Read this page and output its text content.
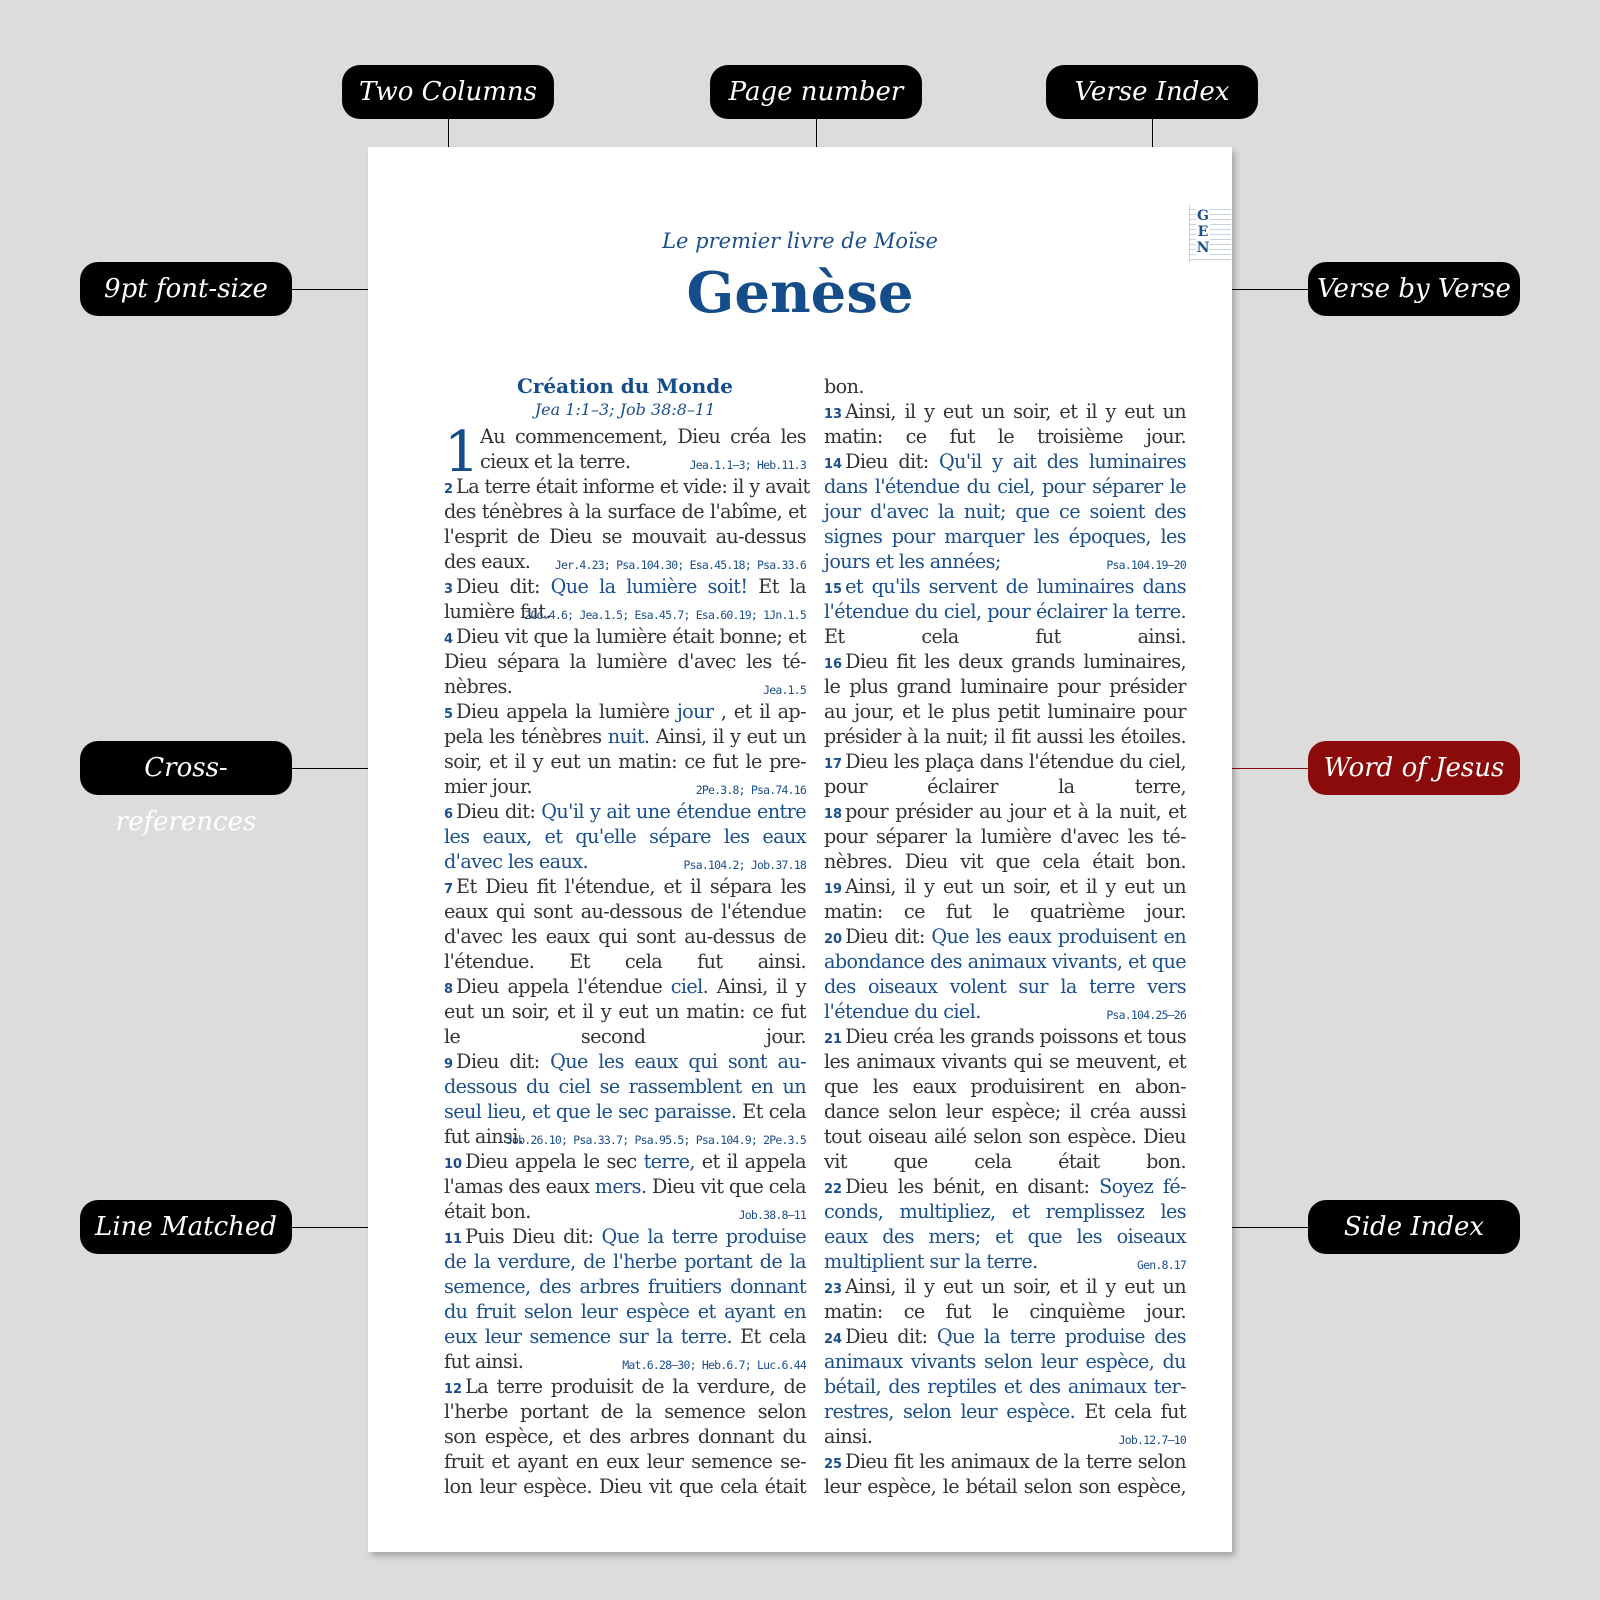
Two Columns	Page number	Verse Index
9pt font-size
Cross-references
Line Matched
Verse by Verse
Word of Jesus
Side Index
G
E
N
Le premier livre de Moïse
Genèse
Création du Monde
Jea 1:1–3; Job 38:8–11
1 Au commencement, Dieu créa les
cieux et la terre.	Jea.1.1–3; Heb.11.3
2 La terre était informe et vide: il y avait
des ténèbres à la surface de l'abîme, et
l'esprit de Dieu se mouvait au-dessus
des eaux. Jer.4.23; Psa.104.30; Esa.45.18; Psa.33.6
3 Dieu dit: Que la lumière soit! Et la
lumière fut.
2Co.4.6; Jea.1.5; Esa.45.7; Esa.60.19; 1Jn.1.5
4 Dieu vit que la lumière était bonne; et
Dieu sépara la lumière d'avec les té-
nèbres.	Jea.1.5
5 Dieu appela la lumière jour , et il ap-
pela les ténèbres nuit. Ainsi, il y eut un
soir, et il y eut un matin: ce fut le pre-
mier jour.	2Pe.3.8; Psa.74.16
6 Dieu dit: Qu'il y ait une étendue entre
les eaux, et qu'elle sépare les eaux
d'avec les eaux.	Psa.104.2; Job.37.18
7 Et Dieu fit l'étendue, et il sépara les
eaux qui sont au-dessous de l'étendue
d'avec les eaux qui sont au-dessus de
l'étendue. Et cela fut ainsi.
8 Dieu appela l'étendue ciel. Ainsi, il y
eut un soir, et il y eut un matin: ce fut
le second jour.
9 Dieu dit: Que les eaux qui sont au-
dessous du ciel se rassemblent en un
seul lieu, et que le sec paraisse. Et cela
fut ainsi.
Job.26.10; Psa.33.7; Psa.95.5; Psa.104.9; 2Pe.3.5
10 Dieu appela le sec terre, et il appela
l'amas des eaux mers. Dieu vit que cela
était bon.	Job.38.8–11
11 Puis Dieu dit: Que la terre produise
de la verdure, de l'herbe portant de la
semence, des arbres fruitiers donnant
du fruit selon leur espèce et ayant en
eux leur semence sur la terre. Et cela
fut ainsi.	Mat.6.28–30; Heb.6.7; Luc.6.44
12 La terre produisit de la verdure, de
l'herbe portant de la semence selon
son espèce, et des arbres donnant du
fruit et ayant en eux leur semence se-
lon leur espèce. Dieu vit que cela était
bon.
13 Ainsi, il y eut un soir, et il y eut un
matin: ce fut le troisième jour.
14 Dieu dit: Qu'il y ait des luminaires
dans l'étendue du ciel, pour séparer le
jour d'avec la nuit; que ce soient des
signes pour marquer les époques, les
jours et les années;	Psa.104.19–20
15 et qu'ils servent de luminaires dans
l'étendue du ciel, pour éclairer la terre.
Et cela fut ainsi.
16 Dieu fit les deux grands luminaires,
le plus grand luminaire pour présider
au jour, et le plus petit luminaire pour
présider à la nuit; il fit aussi les étoiles.
17 Dieu les plaça dans l'étendue du ciel,
pour éclairer la terre,
18 pour présider au jour et à la nuit, et
pour séparer la lumière d'avec les té-
nèbres. Dieu vit que cela était bon.
19 Ainsi, il y eut un soir, et il y eut un
matin: ce fut le quatrième jour.
20 Dieu dit: Que les eaux produisent en
abondance des animaux vivants, et que
des oiseaux volent sur la terre vers
l'étendue du ciel.	Psa.104.25–26
21 Dieu créa les grands poissons et tous
les animaux vivants qui se meuvent, et
que les eaux produisirent en abon-
dance selon leur espèce; il créa aussi
tout oiseau ailé selon son espèce. Dieu
vit que cela était bon.
22 Dieu les bénit, en disant: Soyez fé-
conds, multipliez, et remplissez les
eaux des mers; et que les oiseaux
multiplient sur la terre.	Gen.8.17
23 Ainsi, il y eut un soir, et il y eut un
matin: ce fut le cinquième jour.
24 Dieu dit: Que la terre produise des
animaux vivants selon leur espèce, du
bétail, des reptiles et des animaux ter-
restres, selon leur espèce. Et cela fut
ainsi.	Job.12.7–10
25 Dieu fit les animaux de la terre selon
leur espèce, le bétail selon son espèce,
